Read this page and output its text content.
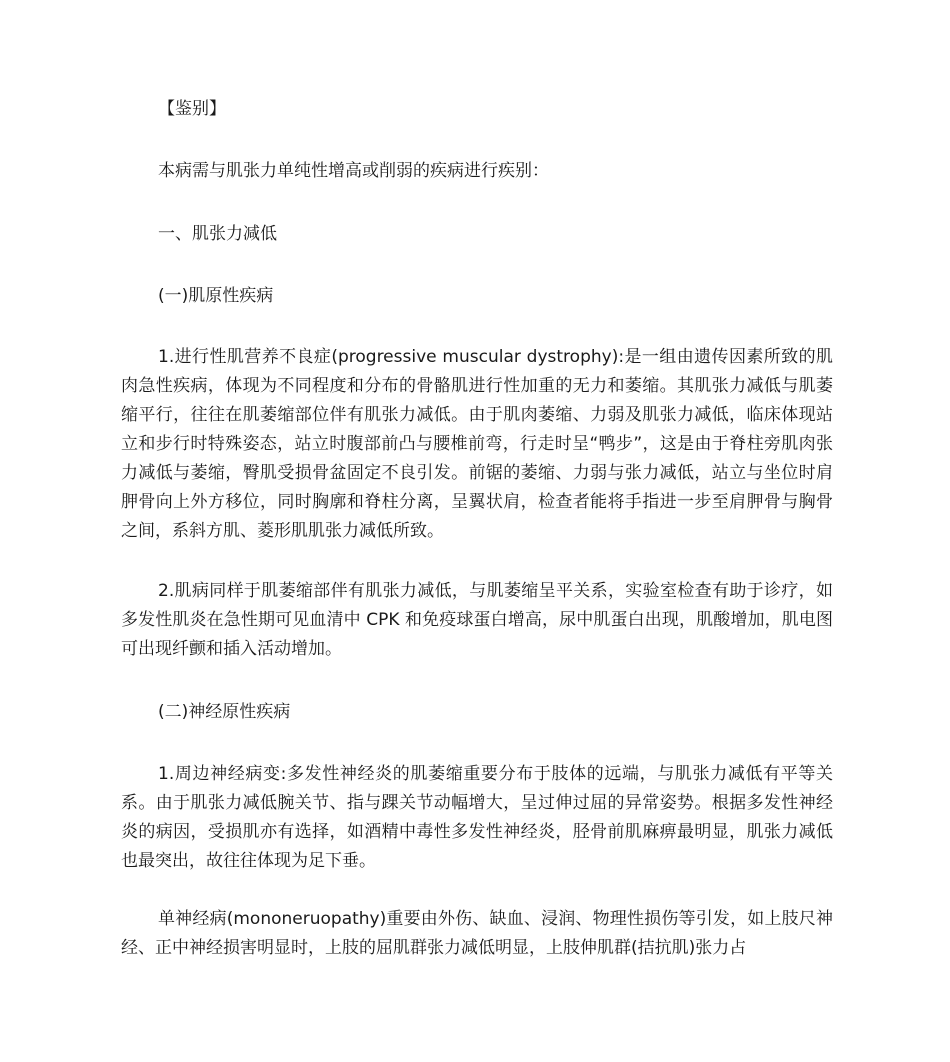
【鉴别】

本病需与肌张力单纯性增高或削弱的疾病进行疾别：

一、肌张力减低

(一)肌原性疾病

1.进行性肌营养不良症(progressive muscular dystrophy):是一组由遗传因素所致的肌肉急性疾病，体现为不同程度和分布的骨骼肌进行性加重的无力和萎缩。其肌张力减低与肌萎缩平行，往往在肌萎缩部位伴有肌张力减低。由于肌肉萎缩、力弱及肌张力减低，临床体现站立和步行时特殊姿态，站立时腹部前凸与腰椎前弯，行走时呈“鸭步”，这是由于脊柱旁肌肉张力减低与萎缩，臀肌受损骨盆固定不良引发。前锯的萎缩、力弱与张力减低，站立与坐位时肩胛骨向上外方移位，同时胸廓和脊柱分离，呈翼状肩，检查者能将手指进一步至肩胛骨与胸骨之间，系斜方肌、菱形肌肌张力减低所致。

2.肌病同样于肌萎缩部伴有肌张力减低，与肌萎缩呈平关系，实验室检查有助于诊疗，如多发性肌炎在急性期可见血清中 CPK 和免疫球蛋白增高，尿中肌蛋白出现，肌酸增加，肌电图可出现纤颤和插入活动增加。

(二)神经原性疾病

1.周边神经病变:多发性神经炎的肌萎缩重要分布于肢体的远端，与肌张力减低有平等关系。由于肌张力减低腕关节、指与踝关节动幅增大，呈过伸过屈的异常姿势。根据多发性神经炎的病因，受损肌亦有选择，如酒精中毒性多发性神经炎，胫骨前肌麻痹最明显，肌张力减低也最突出，故往往体现为足下垂。

单神经病(mononeruopathy)重要由外伤、缺血、浸润、物理性损伤等引发，如上肢尺神经、正中神经损害明显时，上肢的屈肌群张力减低明显，上肢伸肌群(拮抗肌)张力占
